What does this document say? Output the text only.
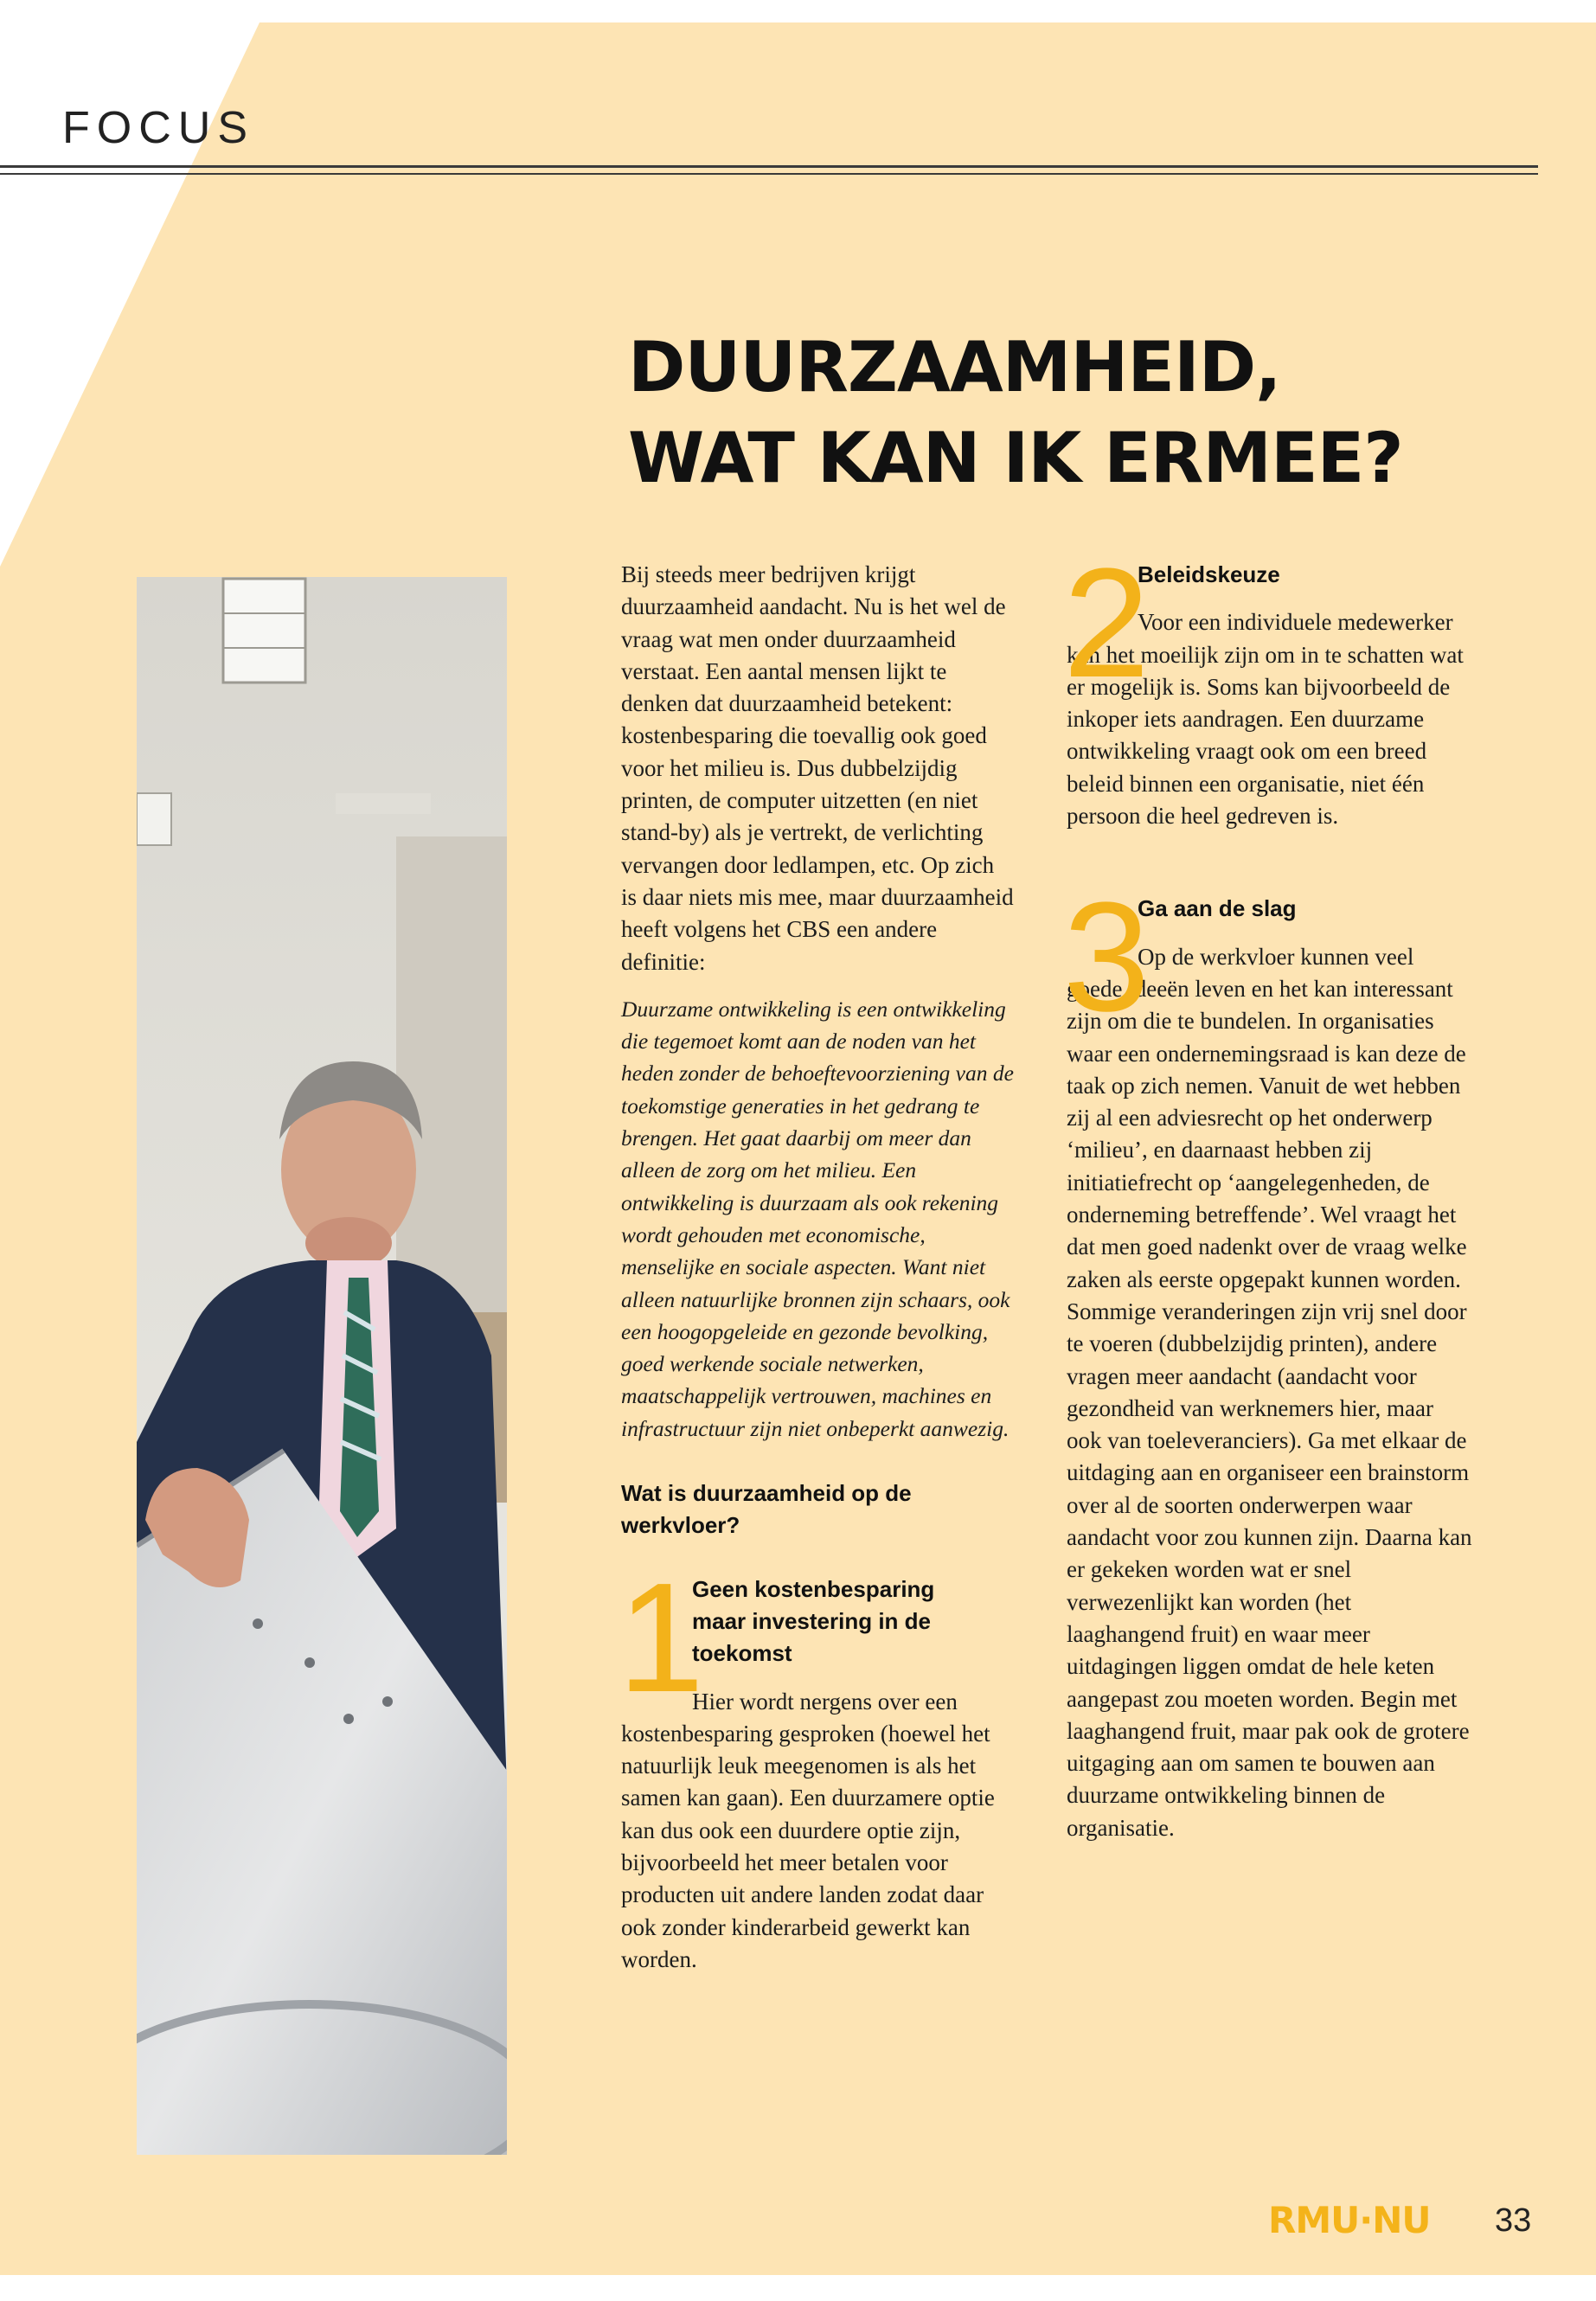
FOCUS

DUURZAAMHEID,
WAT KAN IK ERMEE?

Bij steeds meer bedrijven krijgt duurzaamheid aandacht. Nu is het wel de vraag wat men onder duurzaamheid verstaat. Een aantal mensen lijkt te denken dat duurzaamheid betekent: kostenbesparing die toevallig ook goed voor het milieu is. Dus dubbelzijdig printen, de computer uitzetten (en niet stand-by) als je vertrekt, de verlichting vervangen door ledlampen, etc. Op zich is daar niets mis mee, maar duurzaamheid heeft volgens het CBS een andere definitie:

Duurzame ontwikkeling is een ontwikkeling die tegemoet komt aan de noden van het heden zonder de behoeftevoorziening van de toekomstige generaties in het gedrang te brengen. Het gaat daarbij om meer dan alleen de zorg om het milieu. Een ontwikkeling is duurzaam als ook rekening wordt gehouden met economische, menselijke en sociale aspecten. Want niet alleen natuurlijke bronnen zijn schaars, ook een hoogopgeleide en gezonde bevolking, goed werkende sociale netwerken, maatschappelijk vertrouwen, machines en infrastructuur zijn niet onbeperkt aanwezig.

Wat is duurzaamheid op de werkvloer?

1

Geen kostenbesparing maar investering in de toekomst

Hier wordt nergens over een kostenbesparing gesproken (hoewel het natuurlijk leuk meegenomen is als het samen kan gaan). Een duurzamere optie kan dus ook een duurdere optie zijn, bijvoorbeeld het meer betalen voor producten uit andere landen zodat daar ook zonder kinderarbeid gewerkt kan worden.

2

Beleidskeuze

Voor een individuele medewerker kan het moeilijk zijn om in te schatten wat er mogelijk is. Soms kan bijvoorbeeld de inkoper iets aandragen. Een duurzame ontwikkeling vraagt ook om een breed beleid binnen een organisatie, niet één persoon die heel gedreven is.

3

Ga aan de slag

Op de werkvloer kunnen veel goede ideeën leven en het kan interessant zijn om die te bundelen. In organisaties waar een ondernemingsraad is kan deze de taak op zich nemen. Vanuit de wet hebben zij al een adviesrecht op het onderwerp ‘milieu’, en daarnaast hebben zij initiatiefrecht op ‘aangelegenheden, de onderneming betreffende’. Wel vraagt het dat men goed nadenkt over de vraag welke zaken als eerste opgepakt kunnen worden. Sommige veranderingen zijn vrij snel door te voeren (dubbelzijdig printen), andere vragen meer aandacht (aandacht voor gezondheid van werknemers hier, maar ook van toeleveranciers). Ga met elkaar de uitdaging aan en organiseer een brainstorm over al de soorten onderwerpen waar aandacht voor zou kunnen zijn. Daarna kan er gekeken worden wat er snel verwezenlijkt kan worden (het laaghangend fruit) en waar meer uitdagingen liggen omdat de hele keten aangepast zou moeten worden. Begin met laaghangend fruit, maar pak ook de grotere uitgaging aan om samen te bouwen aan duurzame ontwikkeling binnen de organisatie.

RMU·NU 33
